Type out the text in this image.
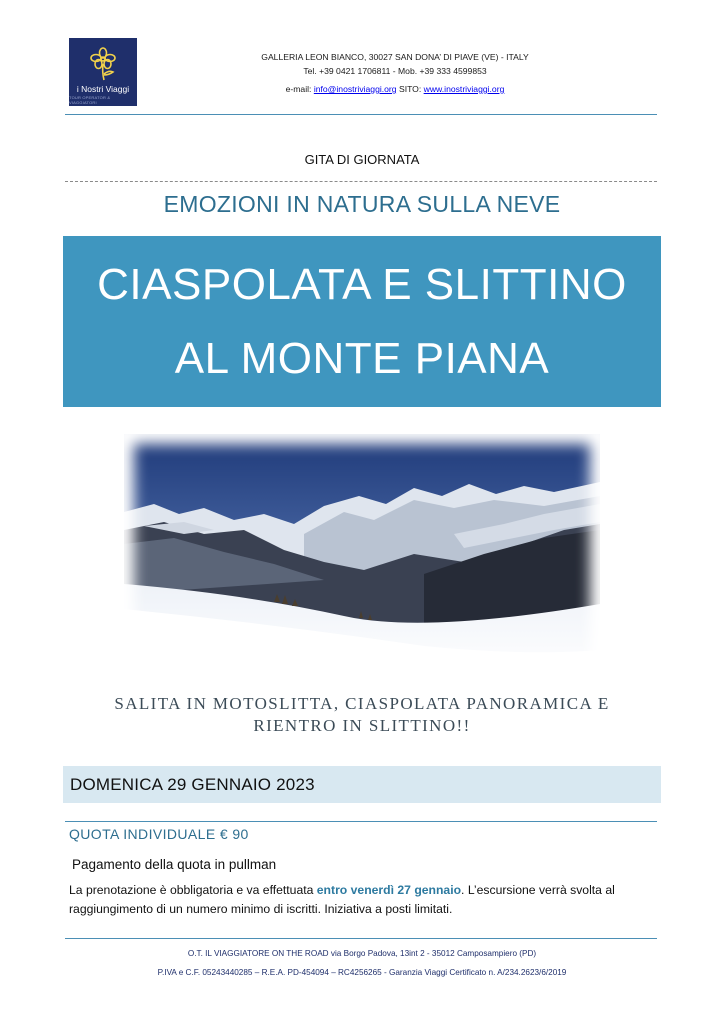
i Nostri Viaggi
TOUR OPERATOR & VIAGGIATORI
GALLERIA LEON BIANCO, 30027 SAN DONA’ DI PIAVE (VE) - ITALY
Tel. +39 0421 1706811 - Mob. +39 333 4599853
e-mail: info@inostriviaggi.org SITO: www.inostriviaggi.org
GITA DI GIORNATA
EMOZIONI IN NATURA SULLA NEVE
CIASPOLATA E SLITTINO
AL MONTE PIANA
SALITA IN MOTOSLITTA, CIASPOLATA PANORAMICA E
RIENTRO IN SLITTINO!!
DOMENICA 29 GENNAIO 2023
QUOTA INDIVIDUALE € 90
Pagamento della quota in pullman
La prenotazione è obbligatoria e va effettuata entro venerdì 27 gennaio. L’escursione verrà svolta al raggiungimento di un numero minimo di iscritti. Iniziativa a posti limitati.
O.T. IL VIAGGIATORE ON THE ROAD via Borgo Padova, 13int 2 - 35012 Camposampiero (PD)
P.IVA e C.F. 05243440285 – R.E.A. PD-454094 – RC4256265 - Garanzia Viaggi Certificato n. A/234.2623/6/2019
